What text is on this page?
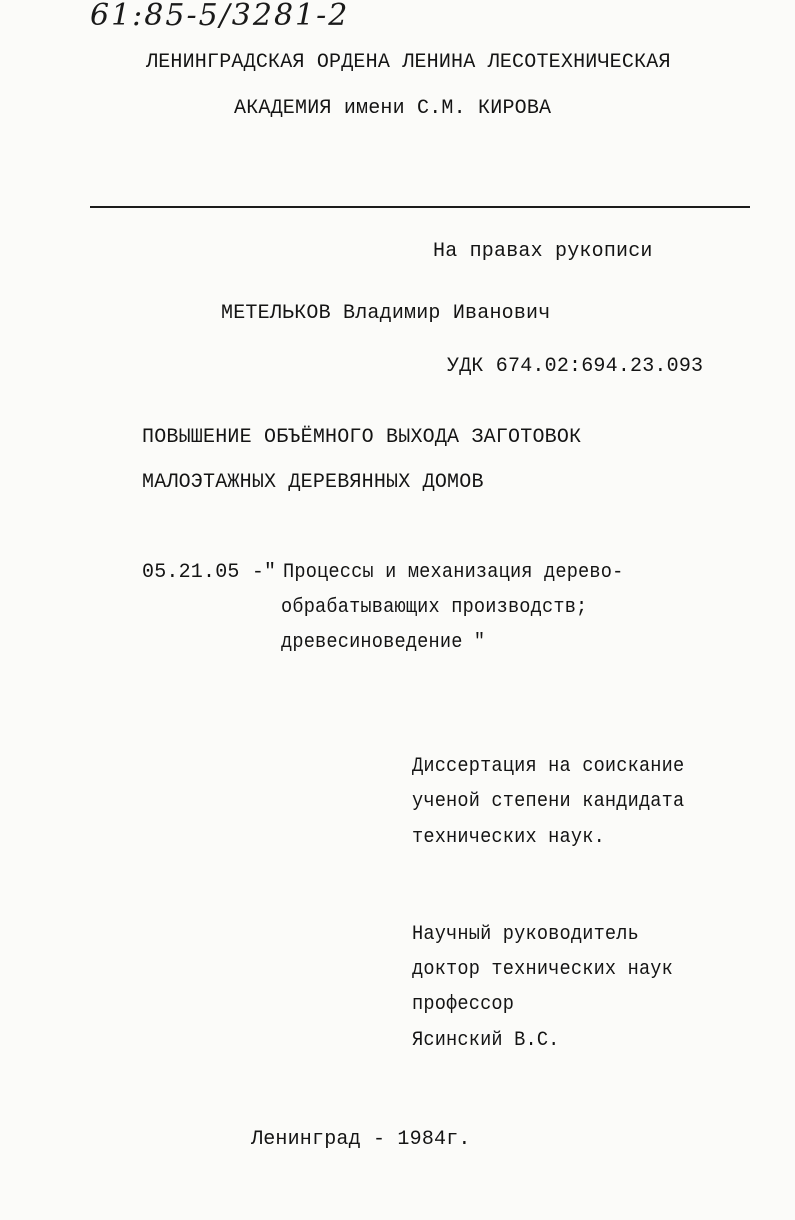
61:85-5/3281-2
ЛЕНИНГРАДСКАЯ ОРДЕНА ЛЕНИНА ЛЕСОТЕХНИЧЕСКАЯ
АКАДЕМИЯ имени С.М. КИРОВА
На правах рукописи
МЕТЕЛЬКОВ Владимир Иванович
УДК 674.02:694.23.093
ПОВЫШЕНИЕ ОБЪЁМНОГО ВЫХОДА ЗАГОТОВОК
МАЛОЭТАЖНЫХ ДЕРЕВЯННЫХ ДОМОВ
05.21.05 -" Процессы и механизация дерево-
обрабатывающих производств;
древесиноведение "
Диссертация на соискание
ученой степени кандидата
технических наук.
Научный руководитель
доктор технических наук
профессор
Ясинский В.С.
Ленинград - 1984г.
